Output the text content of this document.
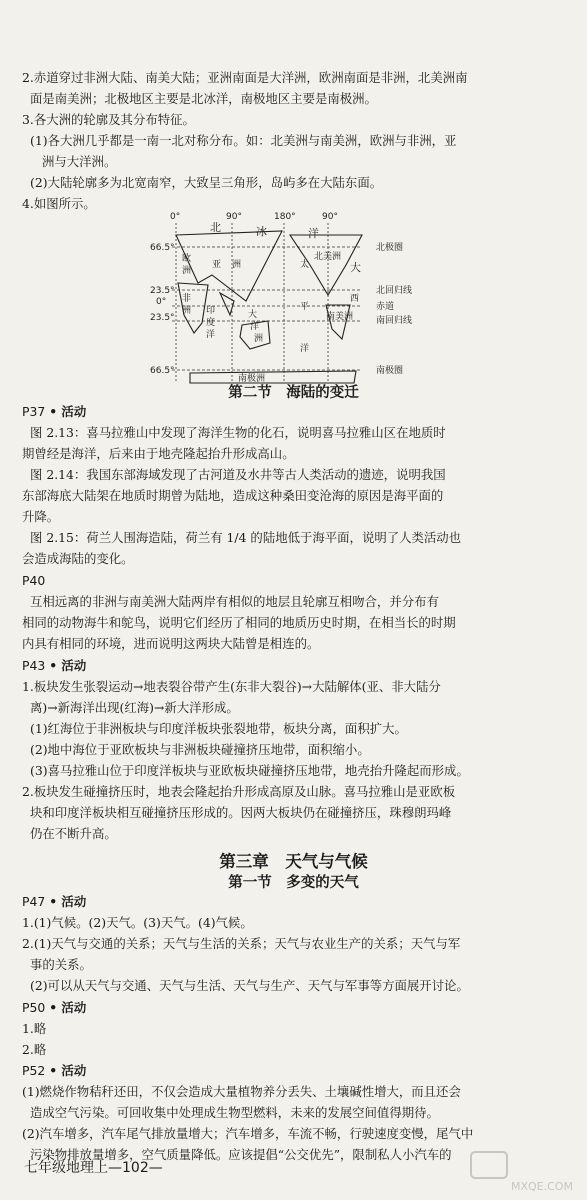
2.赤道穿过非洲大陆、南美大陆；亚洲南面是大洋洲，欧洲南面是非洲，北美洲南
面是南美洲；北极地区主要是北冰洋，南极地区主要是南极洲。
3.各大洲的轮廓及其分布特征。
(1)各大洲几乎都是一南一北对称分布。如：北美洲与南美洲，欧洲与非洲，亚
洲与大洋洲。
(2)大陆轮廓多为北宽南窄，大致呈三角形，岛屿多在大陆东面。
4.如图所示。
0°	90°	180°	90°
66.5°
23.5°
0°
23.5°
66.5°
北极圈
北回归线
赤道
南回归线
南极圈
北	冰	洋
欧
洲
亚 洲	太
北美洲
大
西
非
洲 印
度
洋
大
洋
洲
平
南美洲
洋
南极洲
第二节　海陆的变迁
P37 • 活动
图 2.13：喜马拉雅山中发现了海洋生物的化石，说明喜马拉雅山区在地质时
期曾经是海洋，后来由于地壳隆起抬升形成高山。
图 2.14：我国东部海域发现了古河道及水井等古人类活动的遗迹，说明我国
东部海底大陆架在地质时期曾为陆地，造成这种桑田变沧海的原因是海平面的
升降。
图 2.15：荷兰人围海造陆，荷兰有 1/4 的陆地低于海平面，说明了人类活动也
会造成海陆的变化。
P40
互相远离的非洲与南美洲大陆两岸有相似的地层且轮廓互相吻合，并分布有
相同的动物海牛和鸵鸟，说明它们经历了相同的地质历史时期，在相当长的时期
内具有相同的环境，进而说明这两块大陆曾是相连的。
P43 • 活动
1.板块发生张裂运动→地表裂谷带产生(东非大裂谷)→大陆解体(亚、非大陆分
离)→新海洋出现(红海)→新大洋形成。
(1)红海位于非洲板块与印度洋板块张裂地带，板块分离，面积扩大。
(2)地中海位于亚欧板块与非洲板块碰撞挤压地带，面积缩小。
(3)喜马拉雅山位于印度洋板块与亚欧板块碰撞挤压地带，地壳抬升隆起而形成。
2.板块发生碰撞挤压时，地表会隆起抬升形成高原及山脉。喜马拉雅山是亚欧板
块和印度洋板块相互碰撞挤压形成的。因两大板块仍在碰撞挤压，珠穆朗玛峰
仍在不断升高。
第三章　天气与气候
第一节　多变的天气
P47 • 活动
1.(1)气候。(2)天气。(3)天气。(4)气候。
2.(1)天气与交通的关系；天气与生活的关系；天气与农业生产的关系；天气与军
事的关系。
(2)可以从天气与交通、天气与生活、天气与生产、天气与军事等方面展开讨论。
P50 • 活动
1.略
2.略
P52 • 活动
(1)燃烧作物秸秆还田，不仅会造成大量植物养分丢失、土壤碱性增大，而且还会
造成空气污染。可回收集中处理成生物型燃料，未来的发展空间值得期待。
(2)汽车增多，汽车尾气排放量增大；汽车增多，车流不畅，行驶速度变慢，尾气中
污染物排放量增多，空气质量降低。应该提倡“公交优先”，限制私人小汽车的
七年级地理上—102—
MXQE.COM
